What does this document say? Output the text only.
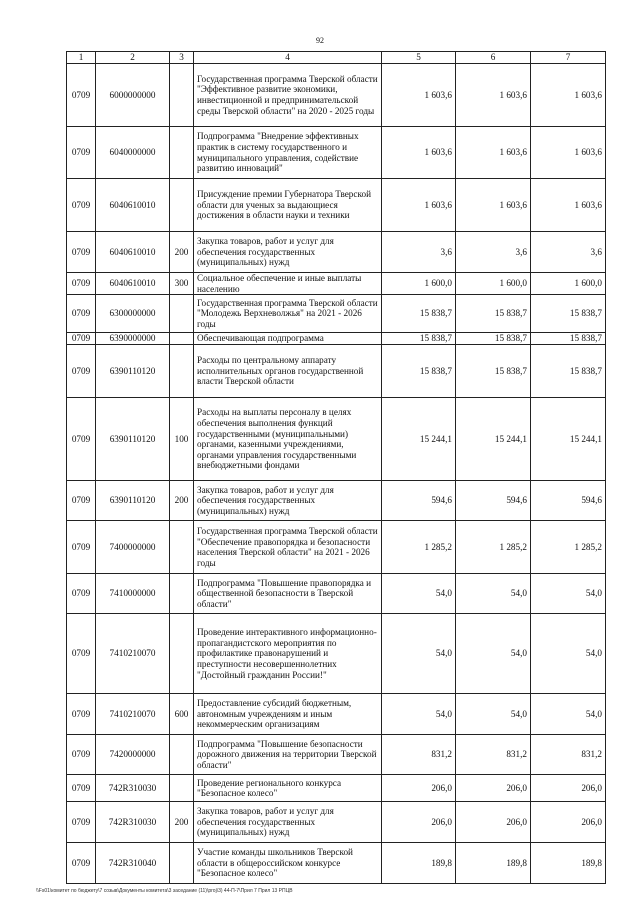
92
1	2	3	4	5	6	7
0709	6000000000		Государственная программа Тверской области "Эффективное развитие экономики, инвестиционной и предпринимательской среды Тверской области" на 2020 - 2025 годы	1 603,6	1 603,6	1 603,6
0709	6040000000		Подпрограмма "Внедрение эффективных практик в систему государственного и муниципального управления, содействие развитию инноваций"	1 603,6	1 603,6	1 603,6
0709	6040610010		Присуждение премии Губернатора Тверской области для ученых за выдающиеся достижения в области науки и техники	1 603,6	1 603,6	1 603,6
0709	6040610010	200	Закупка товаров, работ и услуг для обеспечения государственных (муниципальных) нужд	3,6	3,6	3,6
0709	6040610010	300	Социальное обеспечение и иные выплаты населению	1 600,0	1 600,0	1 600,0
0709	6300000000		Государственная программа Тверской области "Молодежь Верхневолжья" на 2021 - 2026 годы	15 838,7	15 838,7	15 838,7
0709	6390000000		Обеспечивающая подпрограмма	15 838,7	15 838,7	15 838,7
0709	6390110120		Расходы по центральному аппарату исполнительных органов государственной власти Тверской области	15 838,7	15 838,7	15 838,7
0709	6390110120	100	Расходы на выплаты персоналу в целях обеспечения выполнения функций государственными (муниципальными) органами, казенными учреждениями, органами управления государственными внебюджетными фондами	15 244,1	15 244,1	15 244,1
0709	6390110120	200	Закупка товаров, работ и услуг для обеспечения государственных (муниципальных) нужд	594,6	594,6	594,6
0709	7400000000		Государственная программа Тверской области "Обеспечение правопорядка и безопасности населения Тверской области" на 2021 - 2026 годы	1 285,2	1 285,2	1 285,2
0709	7410000000		Подпрограмма "Повышение правопорядка и общественной безопасности в Тверской области"	54,0	54,0	54,0
0709	7410210070		Проведение интерактивного информационно-пропагандистского мероприятия по профилактике правонарушений и преступности несовершеннолетних "Достойный гражданин России!"	54,0	54,0	54,0
0709	7410210070	600	Предоставление субсидий бюджетным, автономным учреждениям и иным некоммерческим организациям	54,0	54,0	54,0
0709	7420000000		Подпрограмма "Повышение безопасности дорожного движения на территории Тверской области"	831,2	831,2	831,2
0709	742R310030		Проведение регионального конкурса "Безопасное колесо"	206,0	206,0	206,0
0709	742R310030	200	Закупка товаров, работ и услуг для обеспечения государственных (муниципальных) нужд	206,0	206,0	206,0
0709	742R310040		Участие команды школьников Тверской области в общероссийском конкурсе "Безопасное колесо"	189,8	189,8	189,8
\\Fs01\комитет по бюджету\7 созыв\Документы комитета\3 заседание (11)\proj\3) 44-П-7\Прил 7 Прил 13 РПЦВ
